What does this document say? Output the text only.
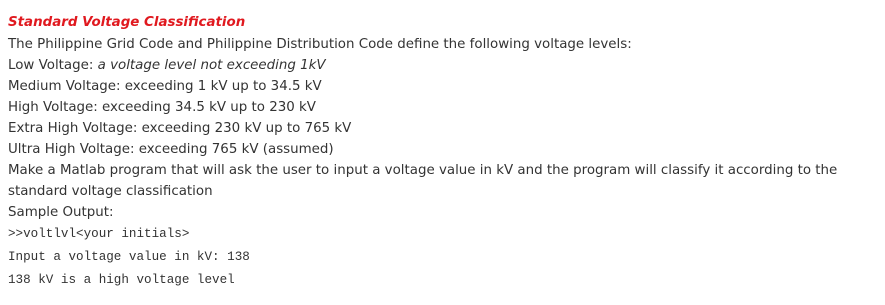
Standard Voltage Classification
The Philippine Grid Code and Philippine Distribution Code define the following voltage levels:
Low Voltage: a voltage level not exceeding 1kV
Medium Voltage: exceeding 1 kV up to 34.5 kV
High Voltage: exceeding 34.5 kV up to 230 kV
Extra High Voltage: exceeding 230 kV up to 765 kV
Ultra High Voltage: exceeding 765 kV (assumed)
Make a Matlab program that will ask the user to input a voltage value in kV and the program will classify it according to the standard voltage classification
Sample Output:
>>voltlvl<your initials>
Input a voltage value in kV: 138
138 kV is a high voltage level
